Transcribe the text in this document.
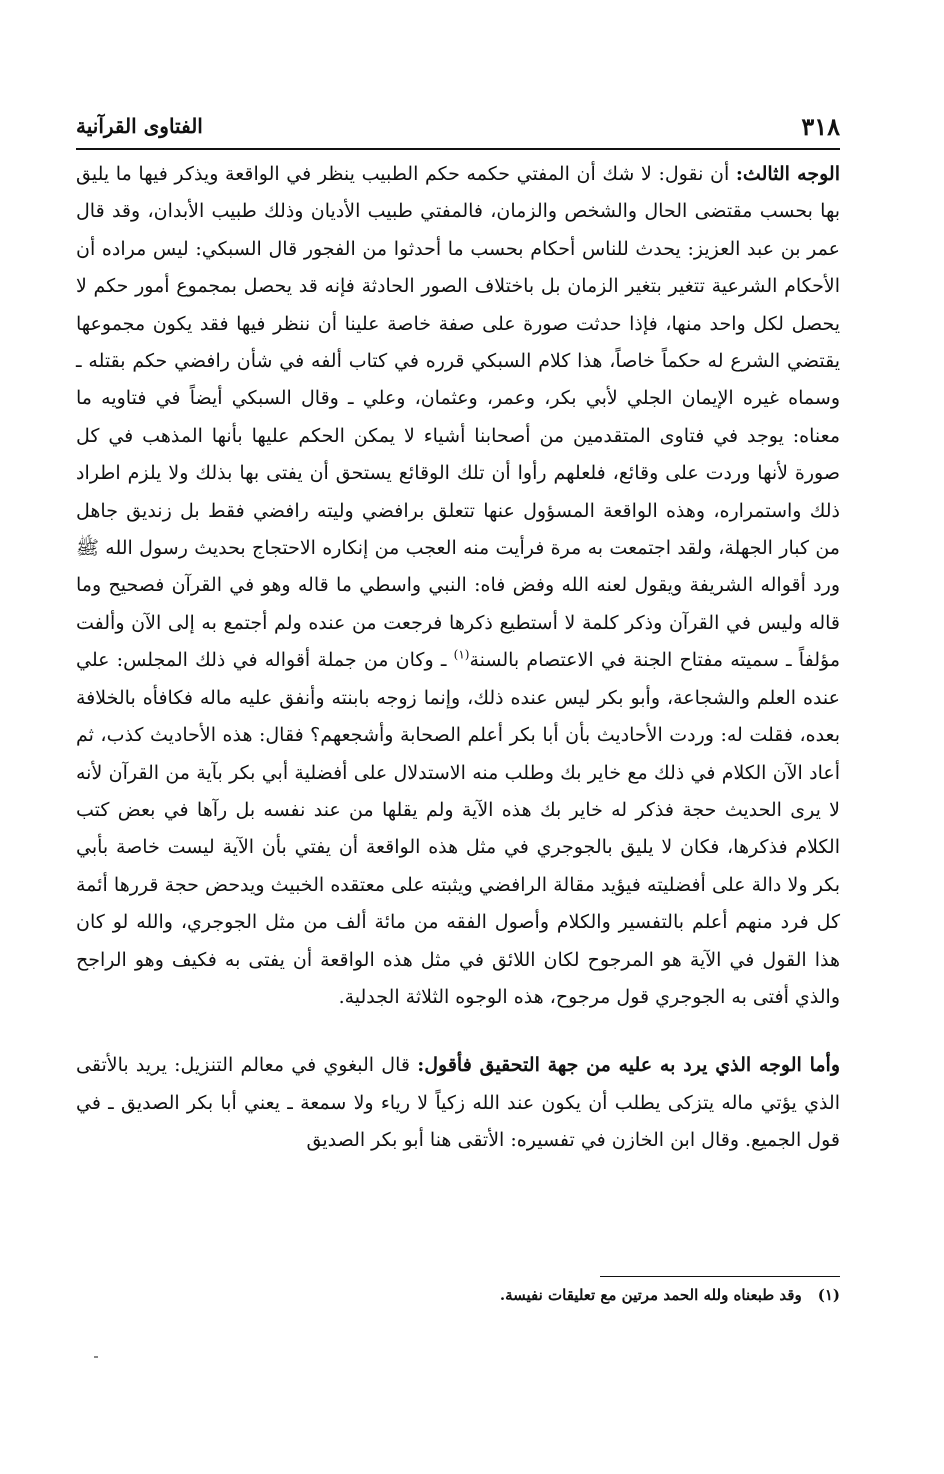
٣١٨
الفتاوى القرآنية

الوجه الثالث: أن نقول: لا شك أن المفتي حكمه حكم الطبيب ينظر في الواقعة ويذكر فيها ما يليق بها بحسب مقتضى الحال والشخص والزمان، فالمفتي طبيب الأديان وذلك طبيب الأبدان، وقد قال عمر بن عبد العزيز: يحدث للناس أحكام بحسب ما أحدثوا من الفجور قال السبكي: ليس مراده أن الأحكام الشرعية تتغير بتغير الزمان بل باختلاف الصور الحادثة فإنه قد يحصل بمجموع أمور حكم لا يحصل لكل واحد منها، فإذا حدثت صورة على صفة خاصة علينا أن ننظر فيها فقد يكون مجموعها يقتضي الشرع له حكماً خاصاً، هذا كلام السبكي قرره في كتاب ألفه في شأن رافضي حكم بقتله ـ وسماه غيره الإيمان الجلي لأبي بكر، وعمر، وعثمان، وعلي ـ وقال السبكي أيضاً في فتاويه ما معناه: يوجد في فتاوى المتقدمين من أصحابنا أشياء لا يمكن الحكم عليها بأنها المذهب في كل صورة لأنها وردت على وقائع، فلعلهم رأوا أن تلك الوقائع يستحق أن يفتى بها بذلك ولا يلزم اطراد ذلك واستمراره، وهذه الواقعة المسؤول عنها تتعلق برافضي وليته رافضي فقط بل زنديق جاهل من كبار الجهلة، ولقد اجتمعت به مرة فرأيت منه العجب من إنكاره الاحتجاج بحديث رسول الله ﷺ ورد أقواله الشريفة ويقول لعنه الله وفض فاه: النبي واسطي ما قاله وهو في القرآن فصحيح وما قاله وليس في القرآن وذكر كلمة لا أستطيع ذكرها فرجعت من عنده ولم أجتمع به إلى الآن وألفت مؤلفاً ـ سميته مفتاح الجنة في الاعتصام بالسنة$^{(١)}$ ـ وكان من جملة أقواله في ذلك المجلس: علي عنده العلم والشجاعة، وأبو بكر ليس عنده ذلك، وإنما زوجه بابنته وأنفق عليه ماله فكافأه بالخلافة بعده، فقلت له: وردت الأحاديث بأن أبا بكر أعلم الصحابة وأشجعهم؟ فقال: هذه الأحاديث كذب، ثم أعاد الآن الكلام في ذلك مع خاير بك وطلب منه الاستدلال على أفضلية أبي بكر بآية من القرآن لأنه لا يرى الحديث حجة فذكر له خاير بك هذه الآية ولم يقلها من عند نفسه بل رآها في بعض كتب الكلام فذكرها، فكان لا يليق بالجوجري في مثل هذه الواقعة أن يفتي بأن الآية ليست خاصة بأبي بكر ولا دالة على أفضليته فيؤيد مقالة الرافضي ويثبته على معتقده الخبيث ويدحض حجة قررها أئمة كل فرد منهم أعلم بالتفسير والكلام وأصول الفقه من مائة ألف من مثل الجوجري، والله لو كان هذا القول في الآية هو المرجوح لكان اللائق في مثل هذه الواقعة أن يفتى به فكيف وهو الراجح والذي أفتى به الجوجري قول مرجوح، هذه الوجوه الثلاثة الجدلية.

وأما الوجه الذي يرد به عليه من جهة التحقيق فأقول: قال البغوي في معالم التنزيل: يريد بالأتقى الذي يؤتي ماله يتزكى يطلب أن يكون عند الله زكياً لا رياء ولا سمعة ـ يعني أبا بكر الصديق ـ في قول الجميع. وقال ابن الخازن في تفسيره: الأتقى هنا أبو بكر الصديق

(١)وقد طبعناه ولله الحمد مرتين مع تعليقات نفيسة.
